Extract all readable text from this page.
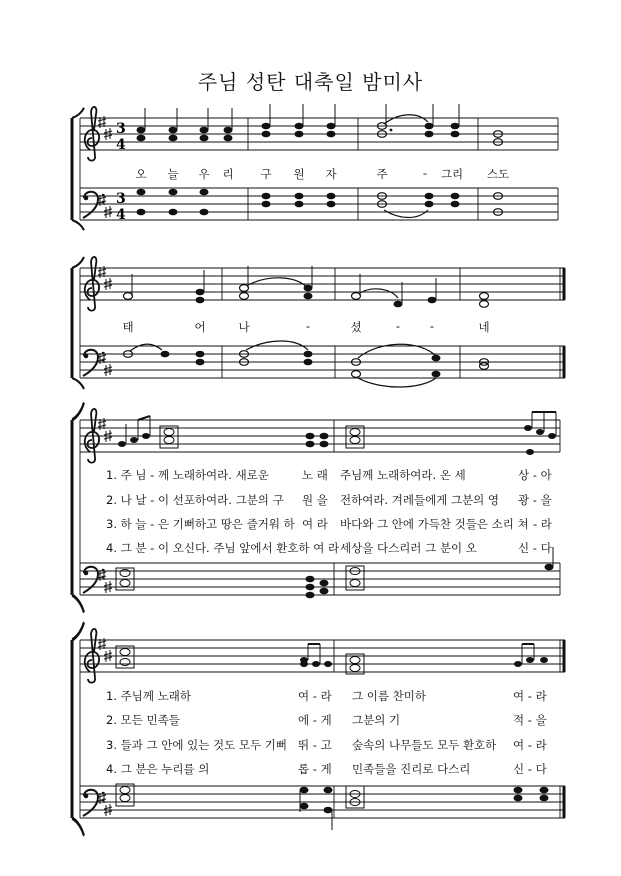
주님 성탄 대축일 밤미사
3
4
3
4
오 늘 우 리 구 원 자	주	- 그리 스도
태	어	나	-	셨	-	-	네
1. 주 님 - 께 노래하여라. 새로운	노 래 주님께 노래하여라. 온 세	상 - 아
2. 나 날 - 이 선포하여라. 그분의 구 원 을 전하여라. 겨레들에게 그분의 영 광 - 을
3. 하 늘 - 은 기뻐하고 땅은 즐거워 하 여 라 바다와 그 안에 가득찬 것들은 소리 쳐 - 라
4. 그 분 - 이 오신다. 주님 앞에서 환호하 여 라 세상을 다스리러 그 분이 오	신 - 다
1. 주님께 노래하	여 - 라 그 이름 찬미하	여 - 라
2. 모든 민족들	에 - 게 그분의 기	적 - 을
3. 들과 그 안에 있는 것도 모두 기뻐 뛰 - 고 숲속의 나무들도 모두 환호하 여 - 라
4. 그 분은 누리를 의	롭 - 게 민족들을 진리로 다스리	신 - 다
